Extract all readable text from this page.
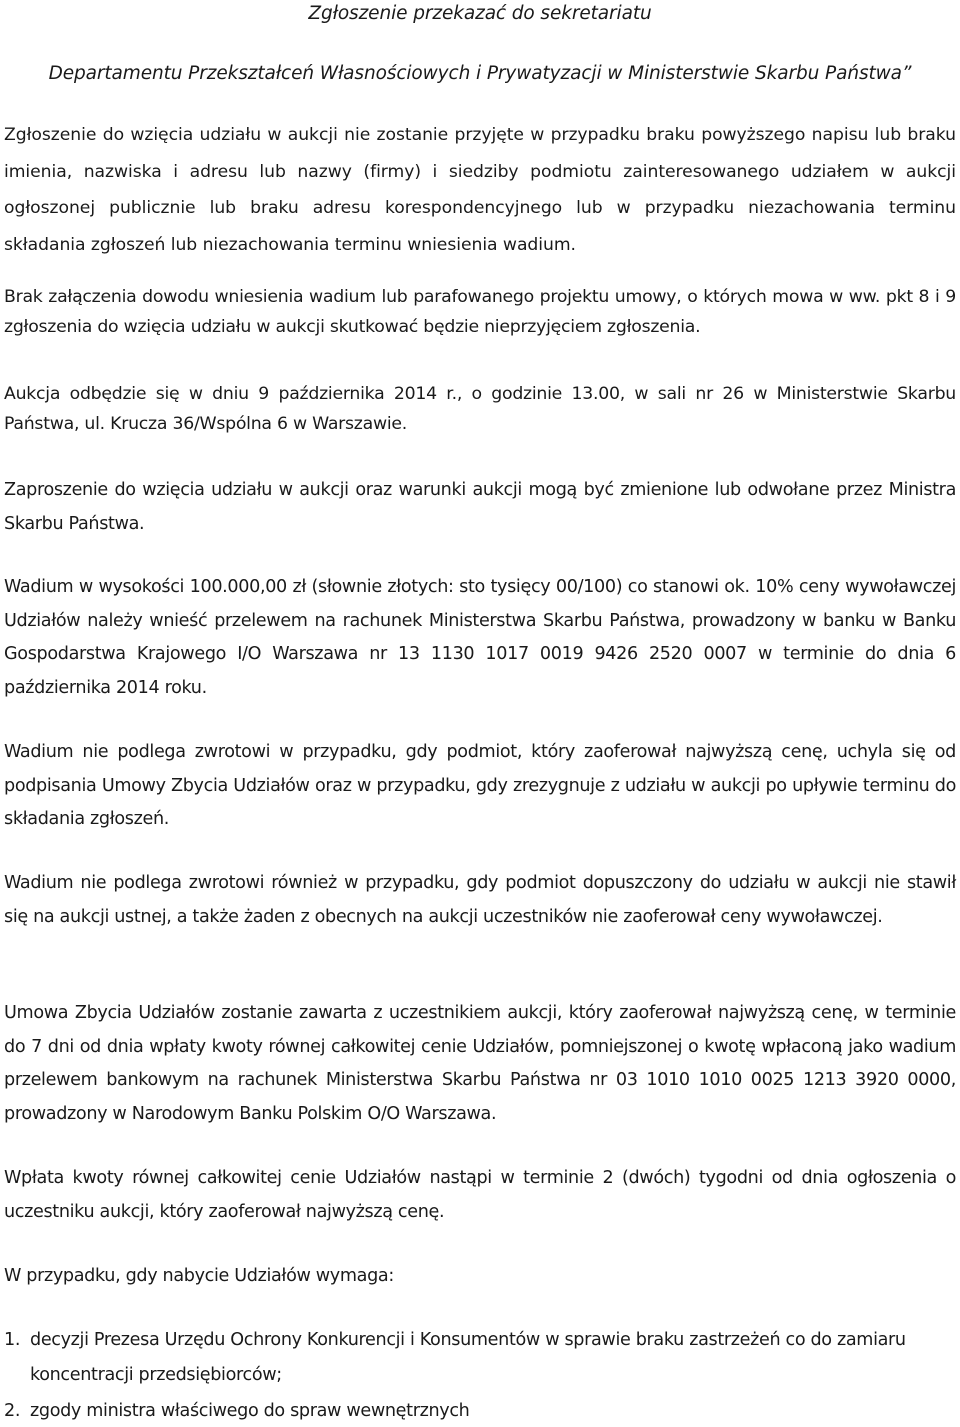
Zgłoszenie przekazać do sekretariatu

Departamentu Przekształceń Własnościowych i Prywatyzacji w Ministerstwie Skarbu Państwa”

Zgłoszenie do wzięcia udziału w aukcji nie zostanie przyjęte w przypadku braku powyższego napisu lub braku imienia, nazwiska i adresu lub nazwy (firmy) i siedziby podmiotu zainteresowanego udziałem w aukcji ogłoszonej publicznie lub braku adresu korespondencyjnego lub w przypadku niezachowania terminu składania zgłoszeń lub niezachowania terminu wniesienia wadium.

Brak załączenia dowodu wniesienia wadium lub parafowanego projektu umowy, o których mowa w ww. pkt 8 i 9 zgłoszenia do wzięcia udziału w aukcji skutkować będzie nieprzyjęciem zgłoszenia.

Aukcja odbędzie się w dniu 9 października 2014 r., o godzinie 13.00, w sali nr 26 w Ministerstwie Skarbu Państwa, ul. Krucza 36/Wspólna 6 w Warszawie.

Zaproszenie do wzięcia udziału w aukcji oraz warunki aukcji mogą być zmienione lub odwołane przez Ministra Skarbu Państwa.

Wadium w wysokości 100.000,00 zł (słownie złotych: sto tysięcy 00/100) co stanowi ok. 10% ceny wywoławczej Udziałów należy wnieść przelewem na rachunek Ministerstwa Skarbu Państwa, prowadzony w banku w Banku Gospodarstwa Krajowego I/O Warszawa nr 13 1130 1017 0019 9426 2520 0007 w terminie do dnia 6 października 2014 roku.

Wadium nie podlega zwrotowi w przypadku, gdy podmiot, który zaoferował najwyższą cenę, uchyla się od podpisania Umowy Zbycia Udziałów oraz w przypadku, gdy zrezygnuje z udziału w aukcji po upływie terminu do składania zgłoszeń.

Wadium nie podlega zwrotowi również w przypadku, gdy podmiot dopuszczony do udziału w aukcji nie stawił się na aukcji ustnej, a także żaden z obecnych na aukcji uczestników nie zaoferował ceny wywoławczej.

Umowa Zbycia Udziałów zostanie zawarta z uczestnikiem aukcji, który zaoferował najwyższą cenę, w terminie do 7 dni od dnia wpłaty kwoty równej całkowitej cenie Udziałów, pomniejszonej o kwotę wpłaconą jako wadium przelewem bankowym na rachunek Ministerstwa Skarbu Państwa nr 03 1010 1010 0025 1213 3920 0000, prowadzony w Narodowym Banku Polskim O/O Warszawa.

Wpłata kwoty równej całkowitej cenie Udziałów nastąpi w terminie 2 (dwóch) tygodni od dnia ogłoszenia o uczestniku aukcji, który zaoferował najwyższą cenę.

W przypadku, gdy nabycie Udziałów wymaga:

1. decyzji Prezesa Urzędu Ochrony Konkurencji i Konsumentów w sprawie braku zastrzeżeń co do zamiaru koncentracji przedsiębiorców;
2. zgody ministra właściwego do spraw wewnętrznych
